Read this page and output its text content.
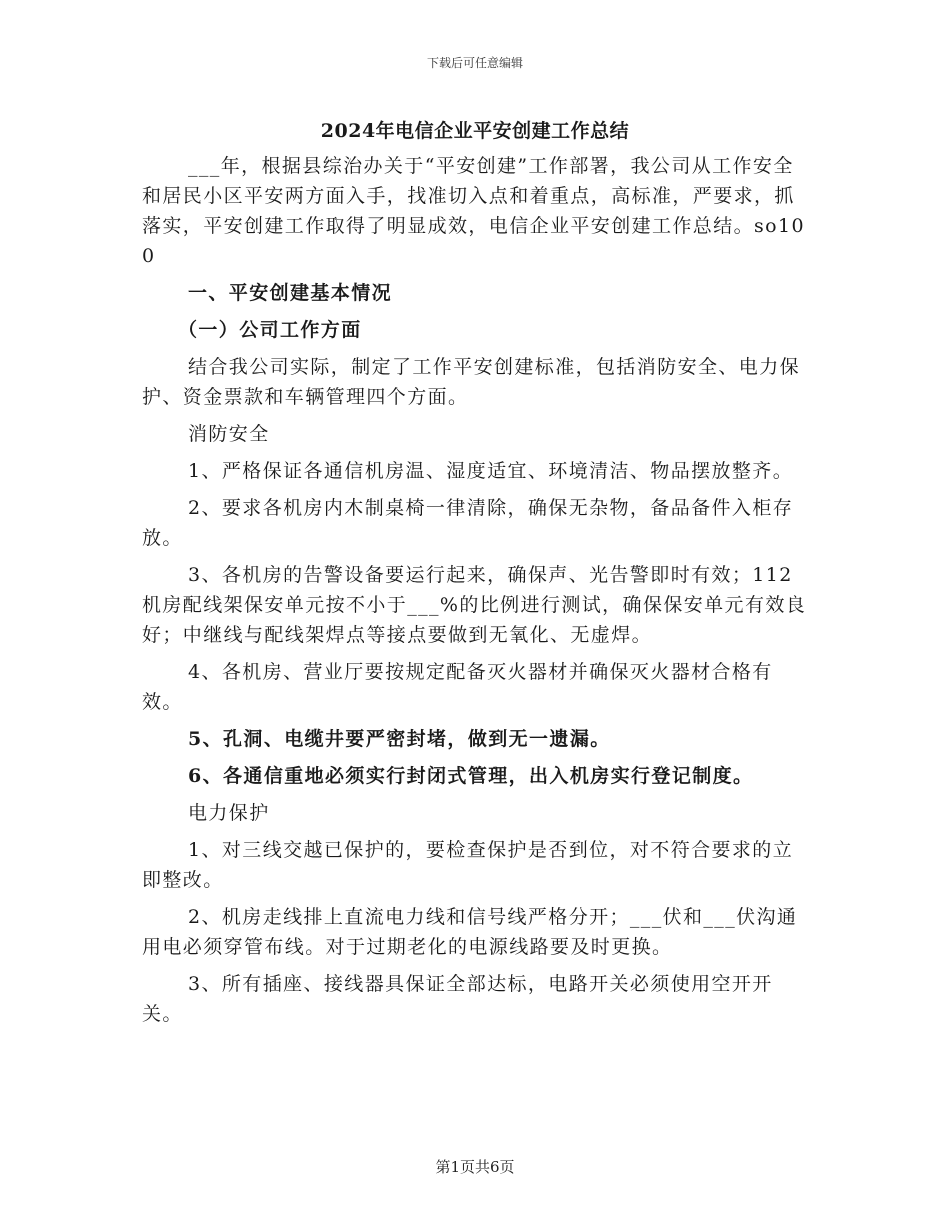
下载后可任意编辑
2024年电信企业平安创建工作总结

___年，根据县综治办关于“平安创建”工作部署，我公司从工作安全和居民小区平安两方面入手，找准切入点和着重点，高标准，严要求，抓落实，平安创建工作取得了明显成效，电信企业平安创建工作总结。so100

一、平安创建基本情况

（一）公司工作方面

结合我公司实际，制定了工作平安创建标准，包括消防安全、电力保护、资金票款和车辆管理四个方面。

消防安全

1、严格保证各通信机房温、湿度适宜、环境清洁、物品摆放整齐。

2、要求各机房内木制桌椅一律清除，确保无杂物，备品备件入柜存放。

3、各机房的告警设备要运行起来，确保声、光告警即时有效；112机房配线架保安单元按不小于___%的比例进行测试，确保保安单元有效良好；中继线与配线架焊点等接点要做到无氧化、无虚焊。

4、各机房、营业厅要按规定配备灭火器材并确保灭火器材合格有效。

5、孔洞、电缆井要严密封堵，做到无一遗漏。

6、各通信重地必须实行封闭式管理，出入机房实行登记制度。

电力保护

1、对三线交越已保护的，要检查保护是否到位，对不符合要求的立即整改。

2、机房走线排上直流电力线和信号线严格分开；___伏和___伏沟通用电必须穿管布线。对于过期老化的电源线路要及时更换。

3、所有插座、接线器具保证全部达标，电路开关必须使用空开开关。

第1页共6页
